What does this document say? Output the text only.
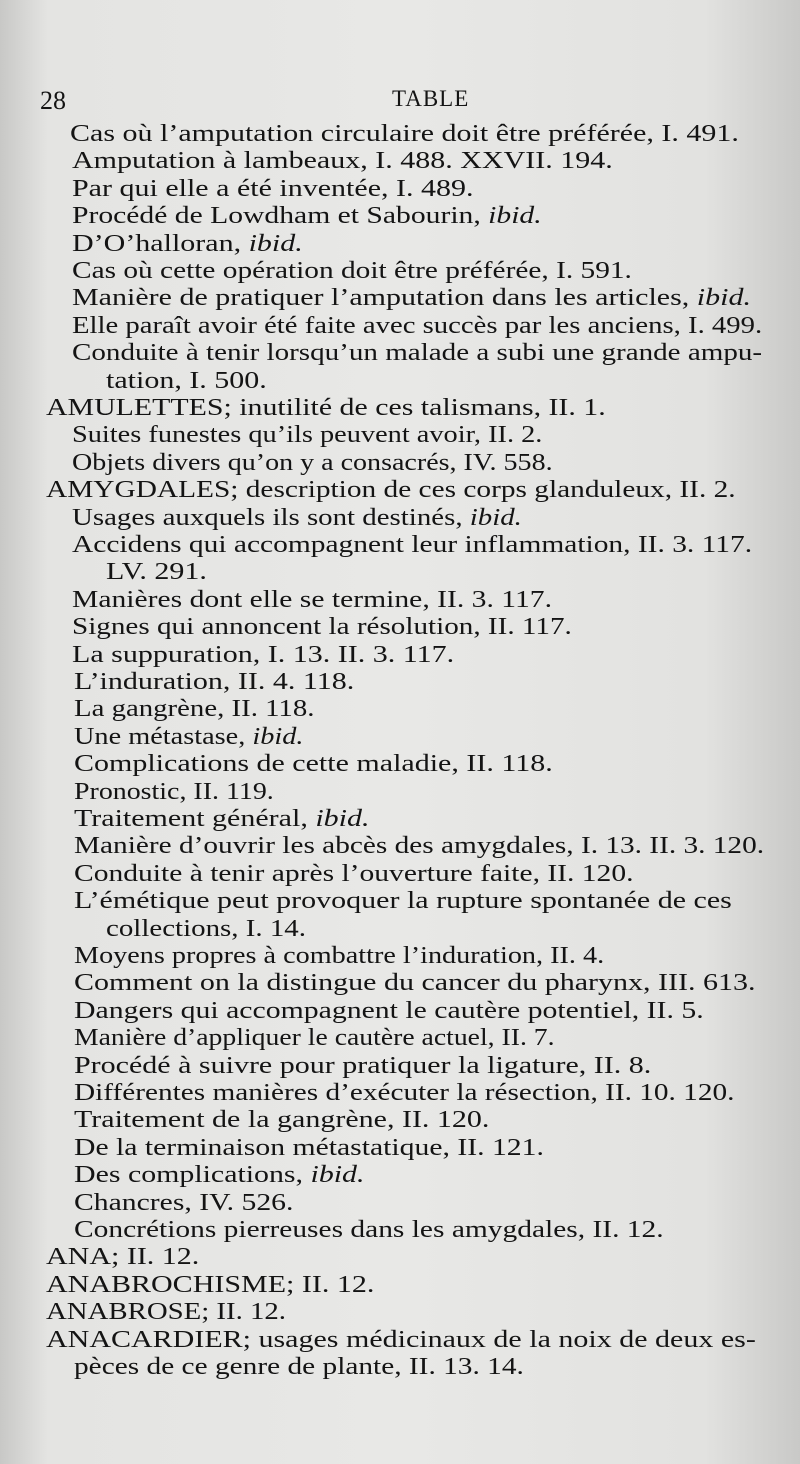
28	TABLE
Cas où l’amputation circulaire doit être préférée, I. 491.
Amputation à lambeaux, I. 488. XXVII. 194.
Par qui elle a été inventée, I. 489.
Procédé de Lowdham et Sabourin, ibid.
D’O’halloran, ibid.
Cas où cette opération doit être préférée, I. 591.
Manière de pratiquer l’amputation dans les articles, ibid.
Elle paraît avoir été faite avec succès par les anciens, I. 499.
Conduite à tenir lorsqu’un malade a subi une grande ampu-
tation, I. 500.
AMULETTES; inutilité de ces talismans, II. 1.
Suites funestes qu’ils peuvent avoir, II. 2.
Objets divers qu’on y a consacrés, IV. 558.
AMYGDALES; description de ces corps glanduleux, II. 2.
Usages auxquels ils sont destinés, ibid.
Accidens qui accompagnent leur inflammation, II. 3. 117.
LV. 291.
Manières dont elle se termine, II. 3. 117.
Signes qui annoncent la résolution, II. 117.
La suppuration, I. 13. II. 3. 117.
L’induration, II. 4. 118.
La gangrène, II. 118.
Une métastase, ibid.
Complications de cette maladie, II. 118.
Pronostic, II. 119.
Traitement général, ibid.
Manière d’ouvrir les abcès des amygdales, I. 13. II. 3. 120.
Conduite à tenir après l’ouverture faite, II. 120.
L’émétique peut provoquer la rupture spontanée de ces
collections, I. 14.
Moyens propres à combattre l’induration, II. 4.
Comment on la distingue du cancer du pharynx, III. 613.
Dangers qui accompagnent le cautère potentiel, II. 5.
Manière d’appliquer le cautère actuel, II. 7.
Procédé à suivre pour pratiquer la ligature, II. 8.
Différentes manières d’exécuter la résection, II. 10. 120.
Traitement de la gangrène, II. 120.
De la terminaison métastatique, II. 121.
Des complications, ibid.
Chancres, IV. 526.
Concrétions pierreuses dans les amygdales, II. 12.
ANA; II. 12.
ANABROCHISME; II. 12.
ANABROSE; II. 12.
ANACARDIER; usages médicinaux de la noix de deux es-
pèces de ce genre de plante, II. 13. 14.
